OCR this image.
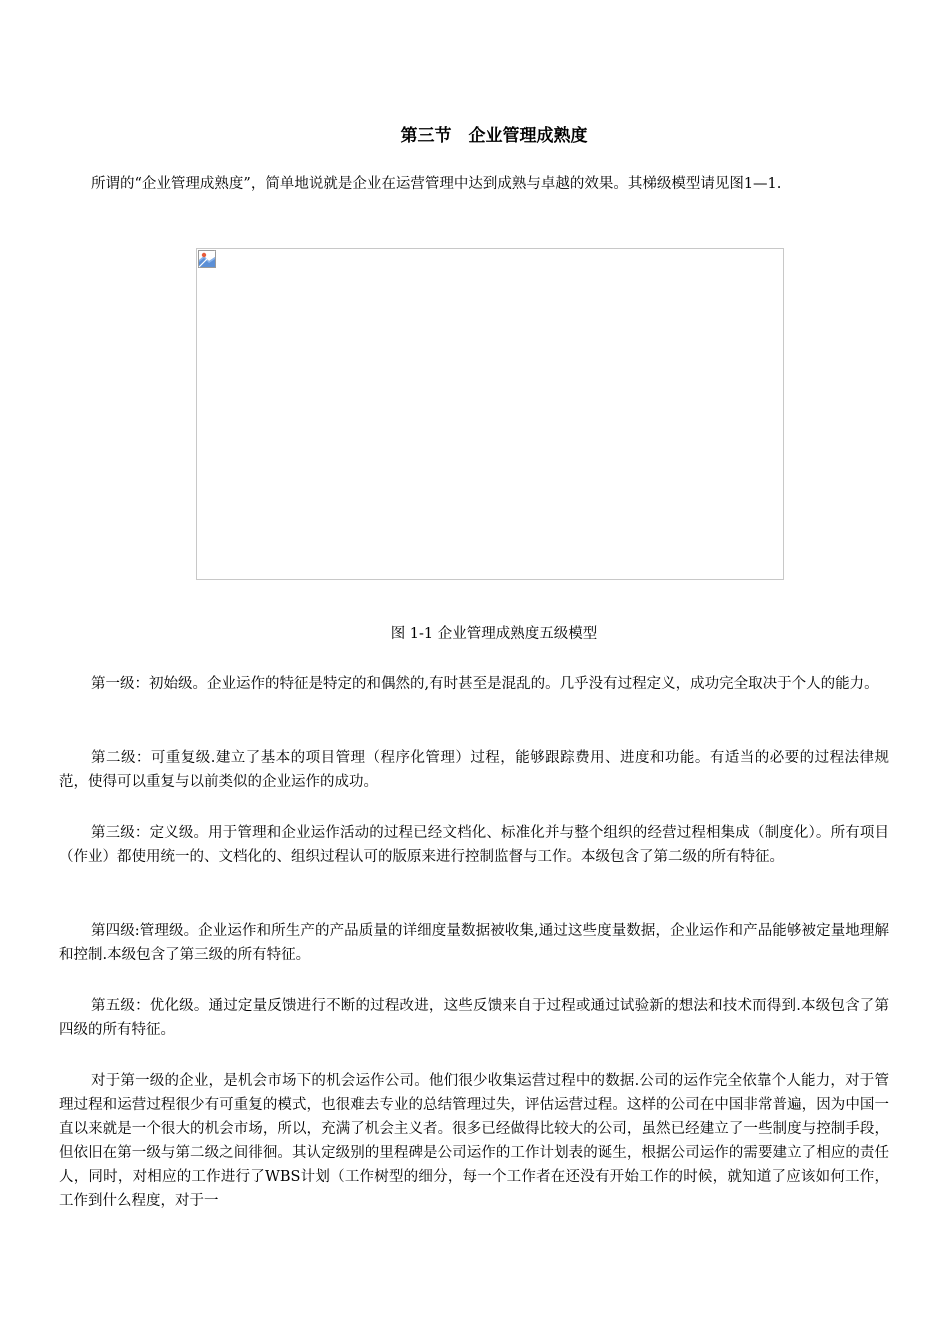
第三节　企业管理成熟度

所谓的“企业管理成熟度”，简单地说就是企业在运营管理中达到成熟与卓越的效果。其梯级模型请见图1—1.

图 1-1 企业管理成熟度五级模型

第一级：初始级。企业运作的特征是特定的和偶然的,有时甚至是混乱的。几乎没有过程定义，成功完全取决于个人的能力。

第二级：可重复级.建立了基本的项目管理（程序化管理）过程，能够跟踪费用、进度和功能。有适当的必要的过程法律规范，使得可以重复与以前类似的企业运作的成功。

第三级：定义级。用于管理和企业运作活动的过程已经文档化、标准化并与整个组织的经营过程相集成（制度化）。所有项目（作业）都使用统一的、文档化的、组织过程认可的版原来进行控制监督与工作。本级包含了第二级的所有特征。

第四级:管理级。企业运作和所生产的产品质量的详细度量数据被收集,通过这些度量数据，企业运作和产品能够被定量地理解和控制.本级包含了第三级的所有特征。

第五级：优化级。通过定量反馈进行不断的过程改进，这些反馈来自于过程或通过试验新的想法和技术而得到.本级包含了第四级的所有特征。

对于第一级的企业，是机会市场下的机会运作公司。他们很少收集运营过程中的数据.公司的运作完全依靠个人能力，对于管理过程和运营过程很少有可重复的模式，也很难去专业的总结管理过失，评估运营过程。这样的公司在中国非常普遍，因为中国一直以来就是一个很大的机会市场，所以，充满了机会主义者。很多已经做得比较大的公司，虽然已经建立了一些制度与控制手段，但依旧在第一级与第二级之间徘徊。其认定级别的里程碑是公司运作的工作计划表的诞生，根据公司运作的需要建立了相应的责任人，同时，对相应的工作进行了WBS计划（工作树型的细分，每一个工作者在还没有开始工作的时候，就知道了应该如何工作，工作到什么程度，对于一
